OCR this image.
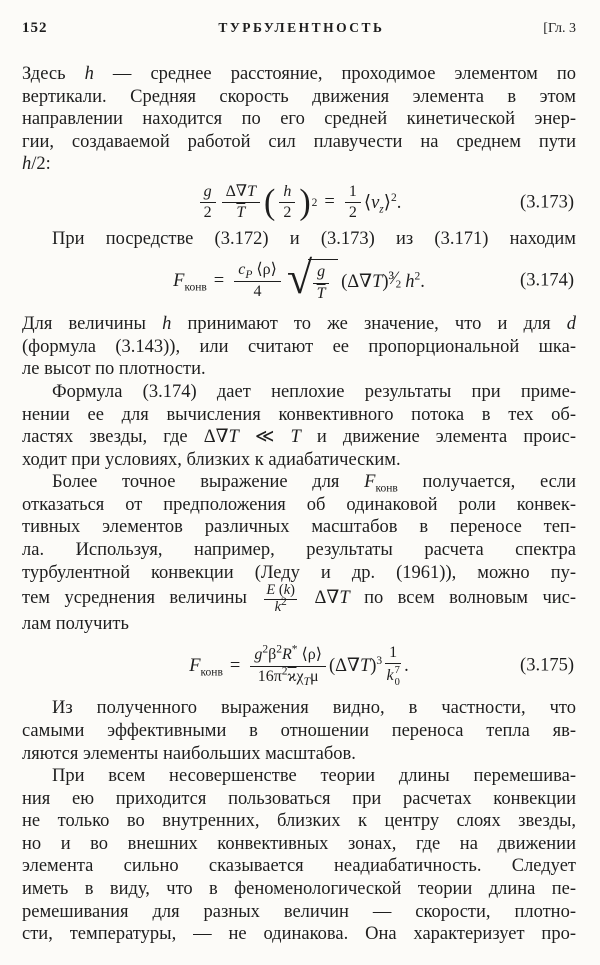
152	ТУРБУЛЕНТНОСТЬ	[Гл. 3
Здесь h — среднее расстояние, проходимое элементом по
вертикали. Средняя скорость движения элемента в этом
направлении находится по его средней кинетической энер-
гии, создаваемой работой сил плавучести на среднем пути
h/2:
$\frac{g}{2} \frac{\Delta\nabla T}{T}$ ( $\frac{h}{2}$ ) $2 = \frac{1}{2}$ $⟨v_z⟩^2$.	(3.173)
При посредстве (3.172) и (3.173) из (3.171) находим
$F_{конв} = \frac{c_P ⟨\rho⟩}{4}$ √ $\frac{g}{T}$ (Δ∇T)³⁄₂ $h^2$.	(3.174)
Для величины h принимают то же значение, что и для d
(формула (3.143)), или считают ее пропорциональной шка-
ле высот по плотности.
Формула (3.174) дает неплохие результаты при приме-
нении ее для вычисления конвективного потока в тех об-
ластях звезды, где Δ∇T ≪ T и движение элемента проис-
ходит при условиях, близких к адиабатическим.
Более точное выражение для $F_{конв}$ получается, если
отказаться от предположения об одинаковой роли конвек-
тивных элементов различных масштабов в переносе теп-
ла. Используя, например, результаты расчета спектра
турбулентной конвекции (Леду и др. (1961)), можно пу-
тем усреднения величины $\frac{E (k)}{k^2} \Delta\nabla T$ по всем волновым чис-
лам получить
$F_{конв} = \frac{g^2\beta^2R^* ⟨\rho⟩}{16\pi^2\overline{ϰ}\chi_T\mu} (\Delta\nabla T)^3$ 1
k 7
0 .	(3.175)
Из полученного выражения видно, в частности, что
самыми эффективными в отношении переноса тепла яв-
ляются элементы наибольших масштабов.
При всем несовершенстве теории длины перемешива-
ния ею приходится пользоваться при расчетах конвекции
не только во внутренних, близких к центру слоях звезды,
но и во внешних конвективных зонах, где на движении
элемента сильно сказывается неадиабатичность. Следует
иметь в виду, что в феноменологической теории длина пе-
ремешивания для разных величин — скорости, плотно-
сти, температуры, — не одинакова. Она характеризует про-
